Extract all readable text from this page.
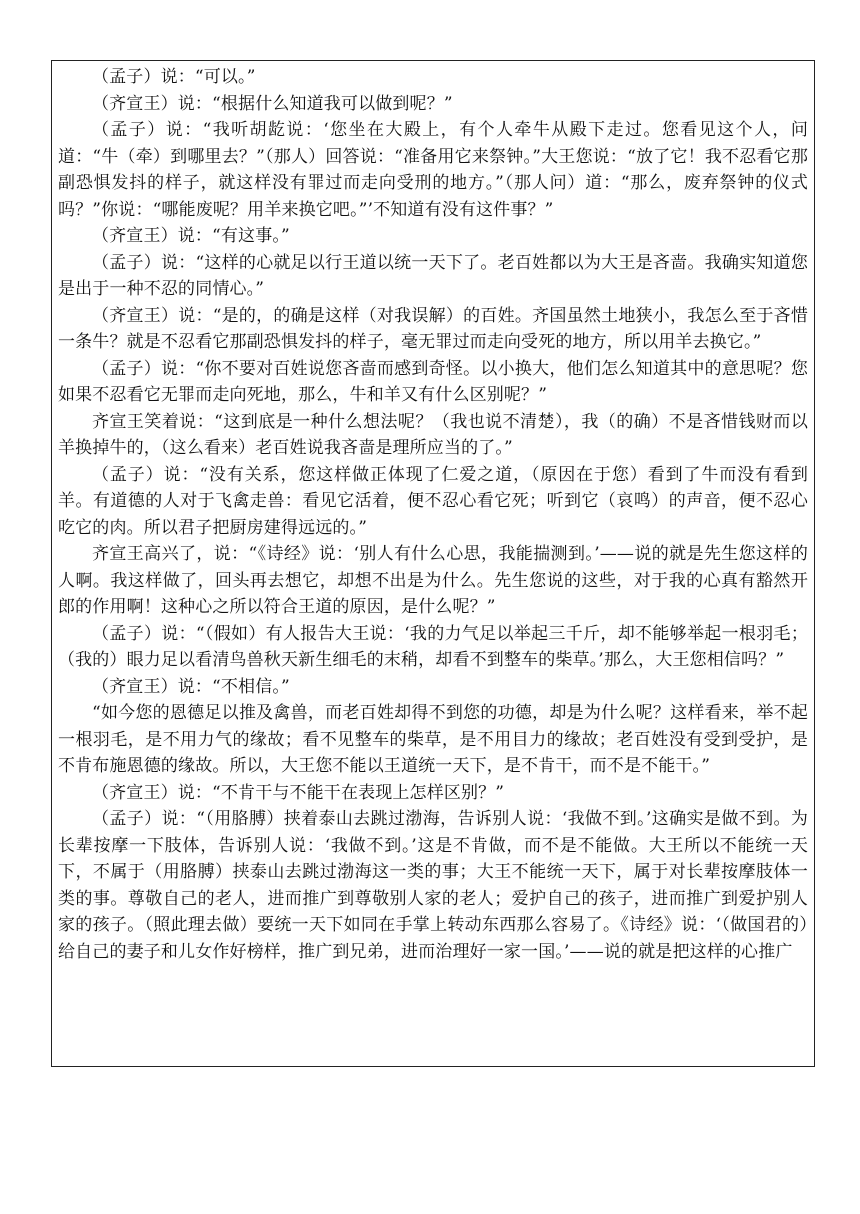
（孟子）说：“可以。”

（齐宣王）说：“根据什么知道我可以做到呢？”

（孟子）说：“我听胡龁说：‘您坐在大殿上，有个人牵牛从殿下走过。您看见这个人，问道：“牛（牵）到哪里去？”（那人）回答说：“准备用它来祭钟。”大王您说：“放了它！我不忍看它那副恐惧发抖的样子，就这样没有罪过而走向受刑的地方。”（那人问）道：“那么，废弃祭钟的仪式吗？”你说：“哪能废呢？用羊来换它吧。”’不知道有没有这件事？”

（齐宣王）说：“有这事。”

（孟子）说：“这样的心就足以行王道以统一天下了。老百姓都以为大王是吝啬。我确实知道您是出于一种不忍的同情心。”

（齐宣王）说：“是的，的确是这样（对我误解）的百姓。齐国虽然土地狭小，我怎么至于吝惜一条牛？就是不忍看它那副恐惧发抖的样子，毫无罪过而走向受死的地方，所以用羊去换它。”

（孟子）说：“你不要对百姓说您吝啬而感到奇怪。以小换大，他们怎么知道其中的意思呢？您如果不忍看它无罪而走向死地，那么，牛和羊又有什么区别呢？”

齐宣王笑着说：“这到底是一种什么想法呢？（我也说不清楚），我（的确）不是吝惜钱财而以羊换掉牛的，（这么看来）老百姓说我吝啬是理所应当的了。”

（孟子）说：“没有关系，您这样做正体现了仁爱之道，（原因在于您）看到了牛而没有看到羊。有道德的人对于飞禽走兽：看见它活着，便不忍心看它死；听到它（哀鸣）的声音，便不忍心吃它的肉。所以君子把厨房建得远远的。”

齐宣王高兴了，说：“《诗经》说：‘别人有什么心思，我能揣测到。’——说的就是先生您这样的人啊。我这样做了，回头再去想它，却想不出是为什么。先生您说的这些，对于我的心真有豁然开郎的作用啊！这种心之所以符合王道的原因，是什么呢？”

（孟子）说：“（假如）有人报告大王说：‘我的力气足以举起三千斤，却不能够举起一根羽毛；（我的）眼力足以看清鸟兽秋天新生细毛的末稍，却看不到整车的柴草。’那么，大王您相信吗？”

（齐宣王）说：“不相信。”

“如今您的恩德足以推及禽兽，而老百姓却得不到您的功德，却是为什么呢？这样看来，举不起一根羽毛，是不用力气的缘故；看不见整车的柴草，是不用目力的缘故；老百姓没有受到受护，是不肯布施恩德的缘故。所以，大王您不能以王道统一天下，是不肯干，而不是不能干。”

（齐宣王）说：“不肯干与不能干在表现上怎样区别？”

（孟子）说：“（用胳膊）挟着泰山去跳过渤海，告诉别人说：‘我做不到。’这确实是做不到。为长辈按摩一下肢体，告诉别人说：‘我做不到。’这是不肯做，而不是不能做。大王所以不能统一天下，不属于（用胳膊）挟泰山去跳过渤海这一类的事；大王不能统一天下，属于对长辈按摩肢体一类的事。尊敬自己的老人，进而推广到尊敬别人家的老人；爱护自己的孩子，进而推广到爱护别人家的孩子。（照此理去做）要统一天下如同在手掌上转动东西那么容易了。《诗经》说：‘（做国君的）给自己的妻子和儿女作好榜样，推广到兄弟，进而治理好一家一国。’——说的就是把这样的心推广
